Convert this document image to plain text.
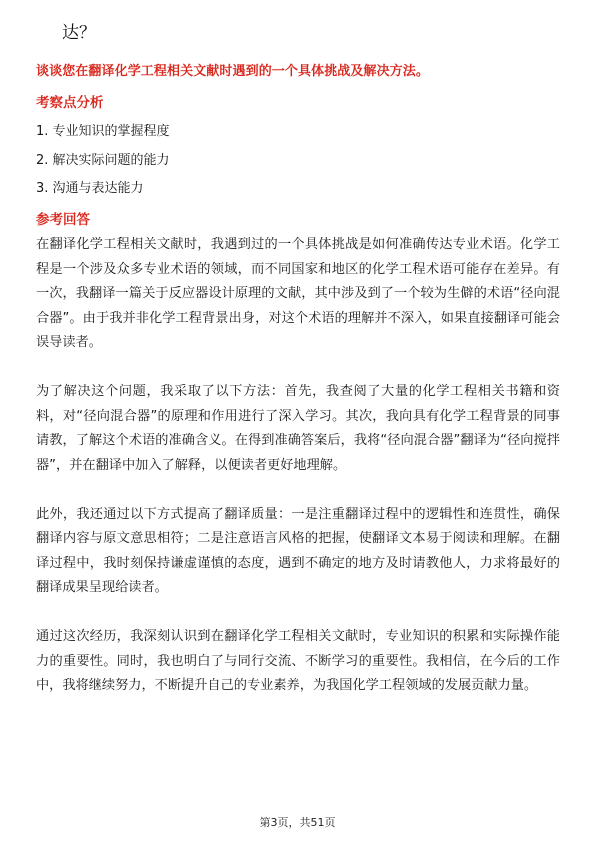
达？
谈谈您在翻译化学工程相关文献时遇到的一个具体挑战及解决方法。
考察点分析
1. 专业知识的掌握程度
2. 解决实际问题的能力
3. 沟通与表达能力
参考回答

在翻译化学工程相关文献时，我遇到过的一个具体挑战是如何准确传达专业术语。化学工程是一个涉及众多专业术语的领域，而不同国家和地区的化学工程术语可能存在差异。有一次，我翻译一篇关于反应器设计原理的文献，其中涉及到了一个较为生僻的术语“径向混合器”。由于我并非化学工程背景出身，对这个术语的理解并不深入，如果直接翻译可能会误导读者。

为了解决这个问题，我采取了以下方法：首先，我查阅了大量的化学工程相关书籍和资料，对“径向混合器”的原理和作用进行了深入学习。其次，我向具有化学工程背景的同事请教，了解这个术语的准确含义。在得到准确答案后，我将“径向混合器”翻译为“径向搅拌器”，并在翻译中加入了解释，以便读者更好地理解。

此外，我还通过以下方式提高了翻译质量：一是注重翻译过程中的逻辑性和连贯性，确保翻译内容与原文意思相符；二是注意语言风格的把握，使翻译文本易于阅读和理解。在翻译过程中，我时刻保持谦虚谨慎的态度，遇到不确定的地方及时请教他人，力求将最好的翻译成果呈现给读者。

通过这次经历，我深刻认识到在翻译化学工程相关文献时，专业知识的积累和实际操作能力的重要性。同时，我也明白了与同行交流、不断学习的重要性。我相信，在今后的工作中，我将继续努力，不断提升自己的专业素养，为我国化学工程领域的发展贡献力量。

第3页，共51页
